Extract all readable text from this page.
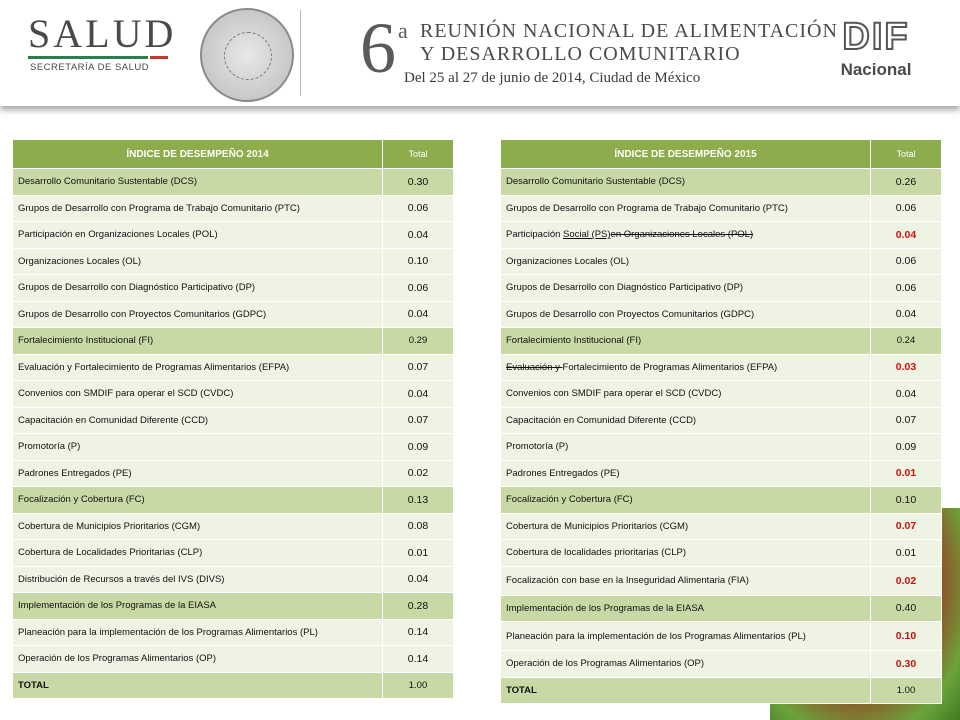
SALUD
SECRETARÍA DE SALUD	6 a REUNIÓN NACIONAL DE ALIMENTACIÓN
Y DESARROLLO COMUNITARIO
Del 25 al 27 de junio de 2014, Ciudad de México
DIF
Nacional
ÍNDICE DE DESEMPEÑO 2014	Total
Desarrollo Comunitario Sustentable (DCS)	0.30
Grupos de Desarrollo con Programa de Trabajo Comunitario (PTC)	0.06
Participación en Organizaciones Locales (POL)	0.04
Organizaciones Locales (OL)	0.10
Grupos de Desarrollo con Diagnóstico Participativo (DP)	0.06
Grupos de Desarrollo con Proyectos Comunitarios (GDPC)	0.04
Fortalecimiento Institucional (FI)	0.29
Evaluación y Fortalecimiento de Programas Alimentarios (EFPA)	0.07
Convenios con SMDIF para operar el SCD (CVDC)	0.04
Capacitación en Comunidad Diferente (CCD)	0.07
Promotoría (P)	0.09
Padrones Entregados (PE)	0.02
Focalización y Cobertura (FC)	0.13
Cobertura de Municipios Prioritarios (CGM)	0.08
Cobertura de Localidades Prioritarias (CLP)	0.01
Distribución de Recursos a través del IVS (DIVS)	0.04
Implementación de los Programas de la EIASA	0.28
Planeación para la implementación de los Programas Alimentarios (PL)	0.14
Operación de los Programas Alimentarios (OP)	0.14
TOTAL	1.00
ÍNDICE DE DESEMPEÑO 2015	Total
Desarrollo Comunitario Sustentable (DCS)	0.26
Grupos de Desarrollo con Programa de Trabajo Comunitario (PTC)	0.06
Participación Social (PS)en Organizaciones Locales (POL)	0.04
Organizaciones Locales (OL)	0.06
Grupos de Desarrollo con Diagnóstico Participativo (DP)	0.06
Grupos de Desarrollo con Proyectos Comunitarios (GDPC)	0.04
Fortalecimiento Institucional (FI)	0.24
Evaluación y Fortalecimiento de Programas Alimentarios (EFPA)	0.03
Convenios con SMDIF para operar el SCD (CVDC)	0.04
Capacitación en Comunidad Diferente (CCD)	0.07
Promotoría (P)	0.09
Padrones Entregados (PE)	0.01
Focalización y Cobertura (FC)	0.10
Cobertura de Municipios Prioritarios (CGM)	0.07
Cobertura de localidades prioritarias (CLP)	0.01
Focalización con base en la Inseguridad Alimentaria (FIA)	0.02
Implementación de los Programas de la EIASA	0.40
Planeación para la implementación de los Programas Alimentarios (PL)	0.10
Operación de los Programas Alimentarios (OP)	0.30
TOTAL	1.00
